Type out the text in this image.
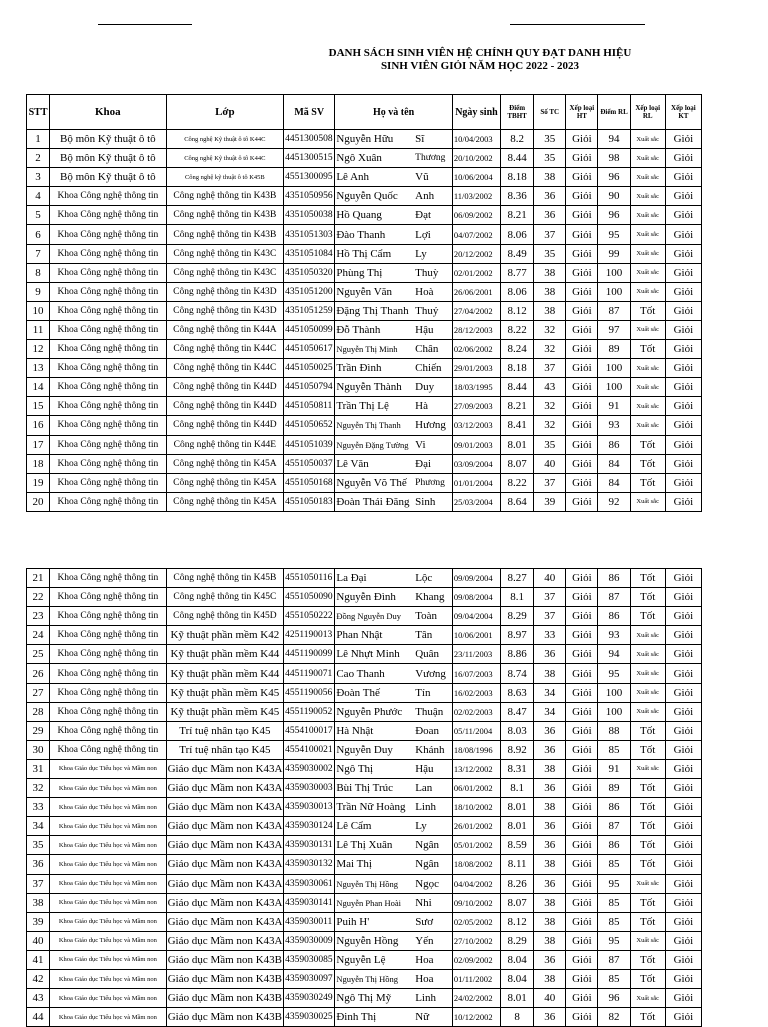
DANH SÁCH SINH VIÊN HỆ CHÍNH QUY ĐẠT DANH HIỆU
SINH VIÊN GIỎI NĂM HỌC 2022 - 2023
STT	Khoa	Lớp	Mã SV	Họ và tên		Ngày sinh	Điểm TBHT	Số TC	Xếp loại HT	Điểm RL	Xếp loại RL	Xếp loại KT
1	Bộ môn Kỹ thuật ô tô	Công nghệ Kỹ thuật ô tô K44C	4451300508	Nguyễn Hữu	Sĩ	10/04/2003	8.2	35	Giỏi	94	Xuất sắc	Giỏi
2	Bộ môn Kỹ thuật ô tô	Công nghệ Kỹ thuật ô tô K44C	4451300515	Ngô Xuân	Thương	20/10/2002	8.44	35	Giỏi	98	Xuất sắc	Giỏi
3	Bộ môn Kỹ thuật ô tô	Công nghệ kỹ thuật ô tô K45B	4551300095	Lê Anh	Vũ	10/06/2004	8.18	38	Giỏi	96	Xuất sắc	Giỏi
4	Khoa Công nghệ thông tin	Công nghệ thông tin K43B	4351050956	Nguyễn Quốc	Anh	11/03/2002	8.36	36	Giỏi	90	Xuất sắc	Giỏi
5	Khoa Công nghệ thông tin	Công nghệ thông tin K43B	4351050038	Hồ Quang	Đạt	06/09/2002	8.21	36	Giỏi	96	Xuất sắc	Giỏi
6	Khoa Công nghệ thông tin	Công nghệ thông tin K43B	4351051303	Đào Thanh	Lợi	04/07/2002	8.06	37	Giỏi	95	Xuất sắc	Giỏi
7	Khoa Công nghệ thông tin	Công nghệ thông tin K43C	4351051084	Hồ Thị Cẩm	Ly	20/12/2002	8.49	35	Giỏi	99	Xuất sắc	Giỏi
8	Khoa Công nghệ thông tin	Công nghệ thông tin K43C	4351050320	Phùng Thị	Thuỳ	02/01/2002	8.77	38	Giỏi	100	Xuất sắc	Giỏi
9	Khoa Công nghệ thông tin	Công nghệ thông tin K43D	4351051200	Nguyễn Văn	Hoà	26/06/2001	8.06	38	Giỏi	100	Xuất sắc	Giỏi
10	Khoa Công nghệ thông tin	Công nghệ thông tin K43D	4351051259	Đặng Thị Thanh	Thuỷ	27/04/2002	8.12	38	Giỏi	87	Tốt	Giỏi
11	Khoa Công nghệ thông tin	Công nghệ thông tin K44A	4451050099	Đỗ Thành	Hậu	28/12/2003	8.22	32	Giỏi	97	Xuất sắc	Giỏi
12	Khoa Công nghệ thông tin	Công nghệ thông tin K44C	4451050617	Nguyễn Thị Minh	Chân	02/06/2002	8.24	32	Giỏi	89	Tốt	Giỏi
13	Khoa Công nghệ thông tin	Công nghệ thông tin K44C	4451050025	Trần Đình	Chiến	29/01/2003	8.18	37	Giỏi	100	Xuất sắc	Giỏi
14	Khoa Công nghệ thông tin	Công nghệ thông tin K44D	4451050794	Nguyễn Thành	Duy	18/03/1995	8.44	43	Giỏi	100	Xuất sắc	Giỏi
15	Khoa Công nghệ thông tin	Công nghệ thông tin K44D	4451050811	Trần Thị Lệ	Hà	27/09/2003	8.21	32	Giỏi	91	Xuất sắc	Giỏi
16	Khoa Công nghệ thông tin	Công nghệ thông tin K44D	4451050652	Nguyễn Thị Thanh	Hương	03/12/2003	8.41	32	Giỏi	93	Xuất sắc	Giỏi
17	Khoa Công nghệ thông tin	Công nghệ thông tin K44E	4451051039	Nguyễn Đặng Tường	Vi	09/01/2003	8.01	35	Giỏi	86	Tốt	Giỏi
18	Khoa Công nghệ thông tin	Công nghệ thông tin K45A	4551050037	Lê Văn	Đại	03/09/2004	8.07	40	Giỏi	84	Tốt	Giỏi
19	Khoa Công nghệ thông tin	Công nghệ thông tin K45A	4551050168	Nguyễn Võ Thế	Phương	01/01/2004	8.22	37	Giỏi	84	Tốt	Giỏi
20	Khoa Công nghệ thông tin	Công nghệ thông tin K45A	4551050183	Đoàn Thái Đăng	Sinh	25/03/2004	8.64	39	Giỏi	92	Xuất sắc	Giỏi
21	Khoa Công nghệ thông tin	Công nghệ thông tin K45B	4551050116	La Đại	Lộc	09/09/2004	8.27	40	Giỏi	86	Tốt	Giỏi
22	Khoa Công nghệ thông tin	Công nghệ thông tin K45C	4551050090	Nguyễn Đình	Khang	09/08/2004	8.1	37	Giỏi	87	Tốt	Giỏi
23	Khoa Công nghệ thông tin	Công nghệ thông tin K45D	4551050222	Đồng Nguyễn Duy	Toàn	09/04/2004	8.29	37	Giỏi	86	Tốt	Giỏi
24	Khoa Công nghệ thông tin	Kỹ thuật phần mềm K42	4251190013	Phan Nhật	Tân	10/06/2001	8.97	33	Giỏi	93	Xuất sắc	Giỏi
25	Khoa Công nghệ thông tin	Kỹ thuật phần mềm K44	4451190099	Lê Nhựt Minh	Quân	23/11/2003	8.86	36	Giỏi	94	Xuất sắc	Giỏi
26	Khoa Công nghệ thông tin	Kỹ thuật phần mềm K44	4451190071	Cao Thanh	Vương	16/07/2003	8.74	38	Giỏi	95	Xuất sắc	Giỏi
27	Khoa Công nghệ thông tin	Kỹ thuật phần mềm K45	4551190056	Đoàn Thế	Tín	16/02/2003	8.63	34	Giỏi	100	Xuất sắc	Giỏi
28	Khoa Công nghệ thông tin	Kỹ thuật phần mềm K45	4551190052	Nguyễn Phước	Thuận	02/02/2003	8.47	34	Giỏi	100	Xuất sắc	Giỏi
29	Khoa Công nghệ thông tin	Trí tuệ nhân tạo K45	4554100017	Hà Nhật	Đoan	05/11/2004	8.03	36	Giỏi	88	Tốt	Giỏi
30	Khoa Công nghệ thông tin	Trí tuệ nhân tạo K45	4554100021	Nguyễn Duy	Khánh	18/08/1996	8.92	36	Giỏi	85	Tốt	Giỏi
31	Khoa Giáo dục Tiểu học và Mầm non	Giáo dục Mầm non K43A	4359030002	Ngô Thị	Hậu	13/12/2002	8.31	38	Giỏi	91	Xuất sắc	Giỏi
32	Khoa Giáo dục Tiểu học và Mầm non	Giáo dục Mầm non K43A	4359030003	Bùi Thị Trúc	Lan	06/01/2002	8.1	36	Giỏi	89	Tốt	Giỏi
33	Khoa Giáo dục Tiểu học và Mầm non	Giáo dục Mầm non K43A	4359030013	Trần Nữ Hoàng	Linh	18/10/2002	8.01	38	Giỏi	86	Tốt	Giỏi
34	Khoa Giáo dục Tiểu học và Mầm non	Giáo dục Mầm non K43A	4359030124	Lê Cẩm	Ly	26/01/2002	8.01	36	Giỏi	87	Tốt	Giỏi
35	Khoa Giáo dục Tiểu học và Mầm non	Giáo dục Mầm non K43A	4359030131	Lê Thị Xuân	Ngân	05/01/2002	8.59	36	Giỏi	86	Tốt	Giỏi
36	Khoa Giáo dục Tiểu học và Mầm non	Giáo dục Mầm non K43A	4359030132	Mai Thị	Ngân	18/08/2002	8.11	38	Giỏi	85	Tốt	Giỏi
37	Khoa Giáo dục Tiểu học và Mầm non	Giáo dục Mầm non K43A	4359030061	Nguyễn Thị Hồng	Ngọc	04/04/2002	8.26	36	Giỏi	95	Xuất sắc	Giỏi
38	Khoa Giáo dục Tiểu học và Mầm non	Giáo dục Mầm non K43A	4359030141	Nguyễn Phan Hoài	Nhi	09/10/2002	8.07	38	Giỏi	85	Tốt	Giỏi
39	Khoa Giáo dục Tiểu học và Mầm non	Giáo dục Mầm non K43A	4359030011	Puih H'	Sươ	02/05/2002	8.12	38	Giỏi	85	Tốt	Giỏi
40	Khoa Giáo dục Tiểu học và Mầm non	Giáo dục Mầm non K43A	4359030009	Nguyễn Hồng	Yến	27/10/2002	8.29	38	Giỏi	95	Xuất sắc	Giỏi
41	Khoa Giáo dục Tiểu học và Mầm non	Giáo dục Mầm non K43B	4359030085	Nguyễn Lệ	Hoa	02/09/2002	8.04	36	Giỏi	87	Tốt	Giỏi
42	Khoa Giáo dục Tiểu học và Mầm non	Giáo dục Mầm non K43B	4359030097	Nguyễn Thị Hồng	Hoa	01/11/2002	8.04	38	Giỏi	85	Tốt	Giỏi
43	Khoa Giáo dục Tiểu học và Mầm non	Giáo dục Mầm non K43B	4359030249	Ngô Thị Mỹ	Linh	24/02/2002	8.01	40	Giỏi	96	Xuất sắc	Giỏi
44	Khoa Giáo dục Tiểu học và Mầm non	Giáo dục Mầm non K43B	4359030025	Đinh Thị	Nữ	10/12/2002	8	36	Giỏi	82	Tốt	Giỏi
